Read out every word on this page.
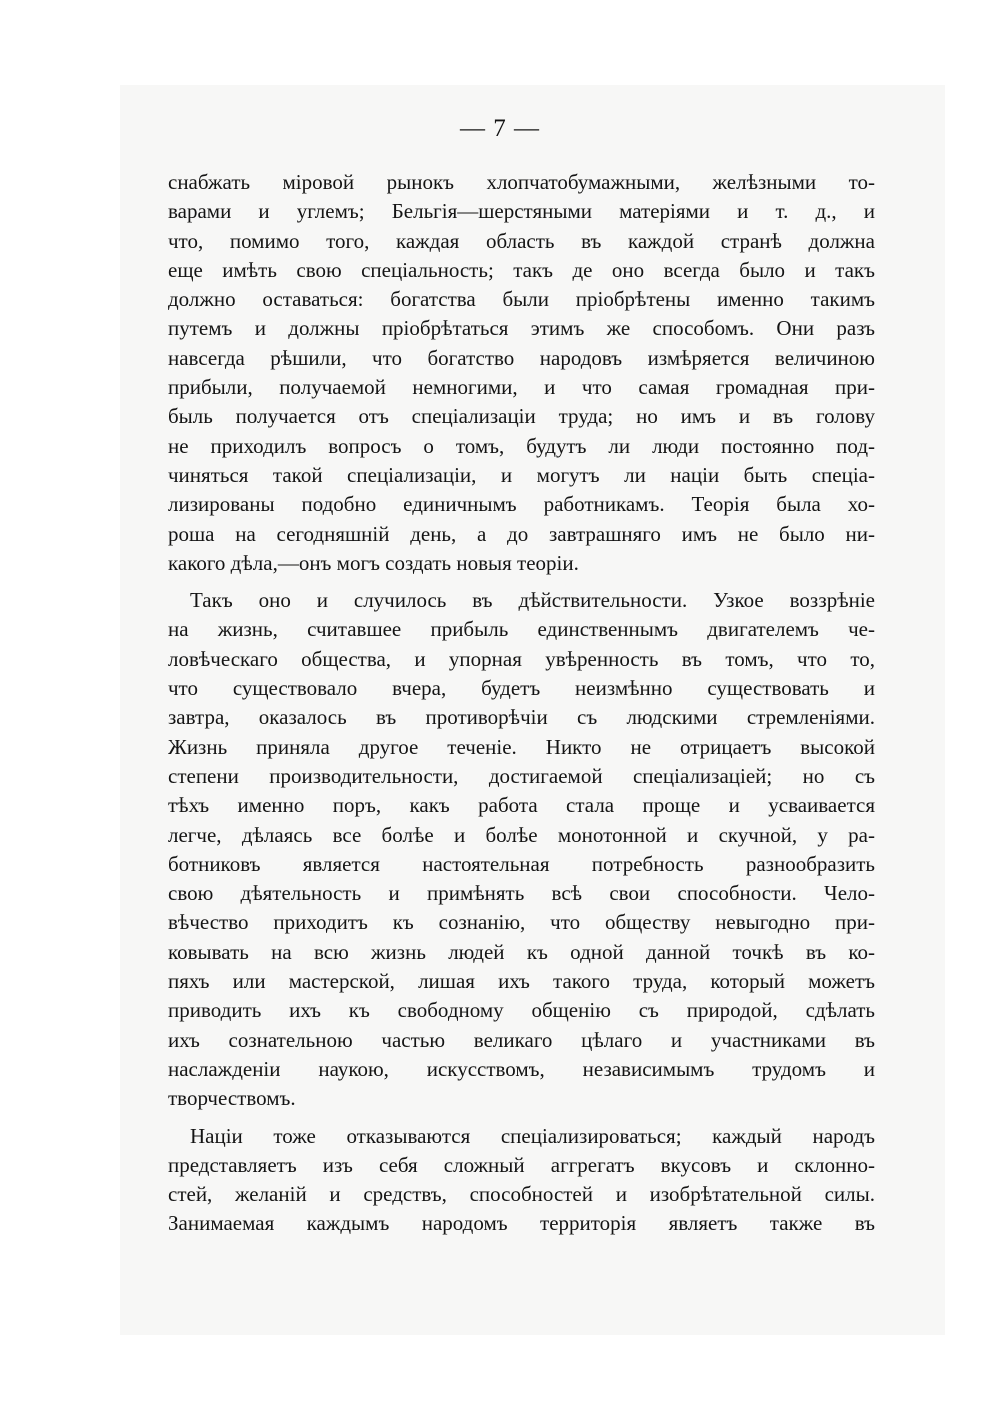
— 7 —
снабжать міровой рынокъ хлопчатобумажными, желѣзными то-
варами и углемъ; Бельгія—шерстяными матеріями и т. д., и
что, помимо того, каждая область въ каждой странѣ должна
еще имѣть свою спеціальность; такъ де оно всегда было и такъ
должно оставаться: богатства были пріобрѣтены именно такимъ
путемъ и должны пріобрѣтаться этимъ же способомъ. Они разъ
навсегда рѣшили, что богатство народовъ измѣряется величиною
прибыли, получаемой немногими, и что самая громадная при-
быль получается отъ спеціализаціи труда; но имъ и въ голову
не приходилъ вопросъ о томъ, будутъ ли люди постоянно под-
чиняться такой спеціализаціи, и могутъ ли націи быть спеціа-
лизированы подобно единичнымъ работникамъ. Теорія была хо-
роша на сегодняшній день, а до завтрашняго имъ не было ни-
какого дѣла,—онъ могъ создать новыя теоріи.
Такъ оно и случилось въ дѣйствительности. Узкое воззрѣніе
на жизнь, считавшее прибыль единственнымъ двигателемъ че-
ловѣческаго общества, и упорная увѣренность въ томъ, что то,
что существовало вчера, будетъ неизмѣнно существовать и
завтра, оказалось въ противорѣчіи съ людскими стремленіями.
Жизнь приняла другое теченіе. Никто не отрицаетъ высокой
степени производительности, достигаемой спеціализаціей; но съ
тѣхъ именно поръ, какъ работа стала проще и усваивается
легче, дѣлаясь все болѣе и болѣе монотонной и скучной, у ра-
ботниковъ является настоятельная потребность разнообразить
свою дѣятельность и примѣнять всѣ свои способности. Чело-
вѣчество приходитъ къ сознанію, что обществу невыгодно при-
ковывать на всю жизнь людей къ одной данной точкѣ въ ко-
пяхъ или мастерской, лишая ихъ такого труда, который можетъ
приводить ихъ къ свободному общенію съ природой, сдѣлать
ихъ сознательною частью великаго цѣлаго и участниками въ
наслажденіи наукою, искусствомъ, независимымъ трудомъ и
творчествомъ.
Націи тоже отказываются спеціализироваться; каждый народъ
представляетъ изъ себя сложный аггрегатъ вкусовъ и склонно-
стей, желаній и средствъ, способностей и изобрѣтательной силы.
Занимаемая каждымъ народомъ территорія являетъ также въ
